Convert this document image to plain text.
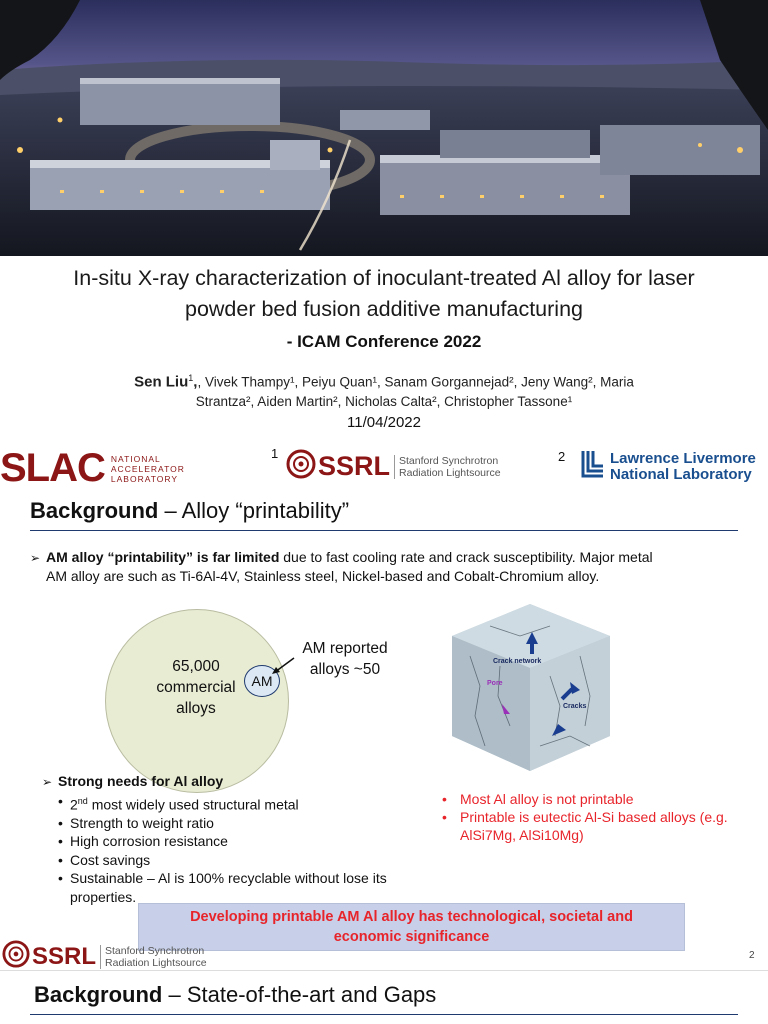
In-situ X-ray characterization of inoculant-treated Al alloy for laser
powder bed fusion additive manufacturing
- ICAM Conference 2022
Sen Liu$^1$,, Vivek Thampy¹, Peiyu Quan¹, Sanam Gorgannejad², Jeny Wang², Maria
Strantza², Aiden Martin², Nicholas Calta², Christopher Tassone¹
11/04/2022
SLAC NATIONAL
ACCELERATOR
LABORATORY
1 SSRL Stanford Synchrotron
Radiation Lightsource
2	Lawrence Livermore
National Laboratory
Background – Alloy “printability”
➢ AM alloy “printability” is far limited due to fast cooling rate and crack susceptibility. Major metal
AM alloy are such as Ti-6Al-4V, Stainless steel, Nickel-based and Cobalt-Chromium alloy.
65,000
commercial
alloys
AM
AM reported
alloys ~50	Crack network
Pore
Cracks
➢ Strong needs for Al alloy
• 2nd most widely used structural metal
• Strength to weight ratio
• High corrosion resistance
• Cost savings
• Sustainable – Al is 100% recyclable without lose its
properties.
• Most Al alloy is not printable
• Printable is eutectic Al-Si based alloys (e.g. AlSi7Mg, AlSi10Mg)
Developing printable AM Al alloy has technological, societal and
economic significance
SSRL Stanford Synchrotron
Radiation Lightsource
2
Background – State-of-the-art and Gaps
